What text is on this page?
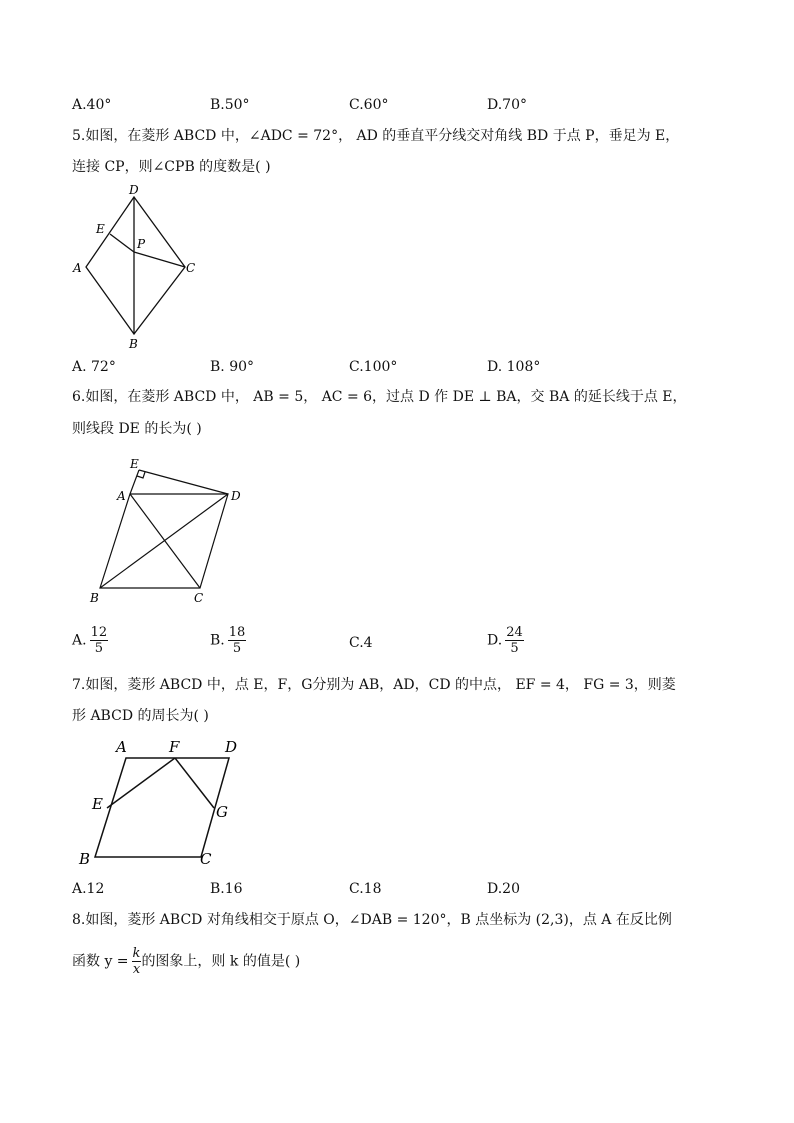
A.40°	B.50°	C.60°	D.70°
5.如图，在菱形 ABCD 中，∠ADC = 72°， AD 的垂直平分线交对角线 BD 于点 P，垂足为 E，
连接 CP，则∠CPB 的度数是( )
D
E
P
A	C
B
A. 72°	B. 90°	C.100°	D. 108°
6.如图，在菱形 ABCD 中， AB = 5， AC = 6，过点 D 作 DE ⊥ BA，交 BA 的延长线于点 E，
则线段 DE 的长为( )
E
A	D
B	C
A. $\frac{12}{5}$	B. $\frac{18}{5}$	C.4	D. $\frac{24}{5}$
7.如图，菱形 ABCD 中，点 E，F，G分别为 AB，AD，CD 的中点， EF = 4， FG = 3，则菱
形 ABCD 的周长为( )
A	F	D
E	G
B	C
A.12	B.16	C.18	D.20
8.如图，菱形 ABCD 对角线相交于原点 O，∠DAB = 120°，B 点坐标为 (2,3)，点 A 在反比例
函数 $y = \frac{k}{x}$ 的图象上，则 k 的值是( )
